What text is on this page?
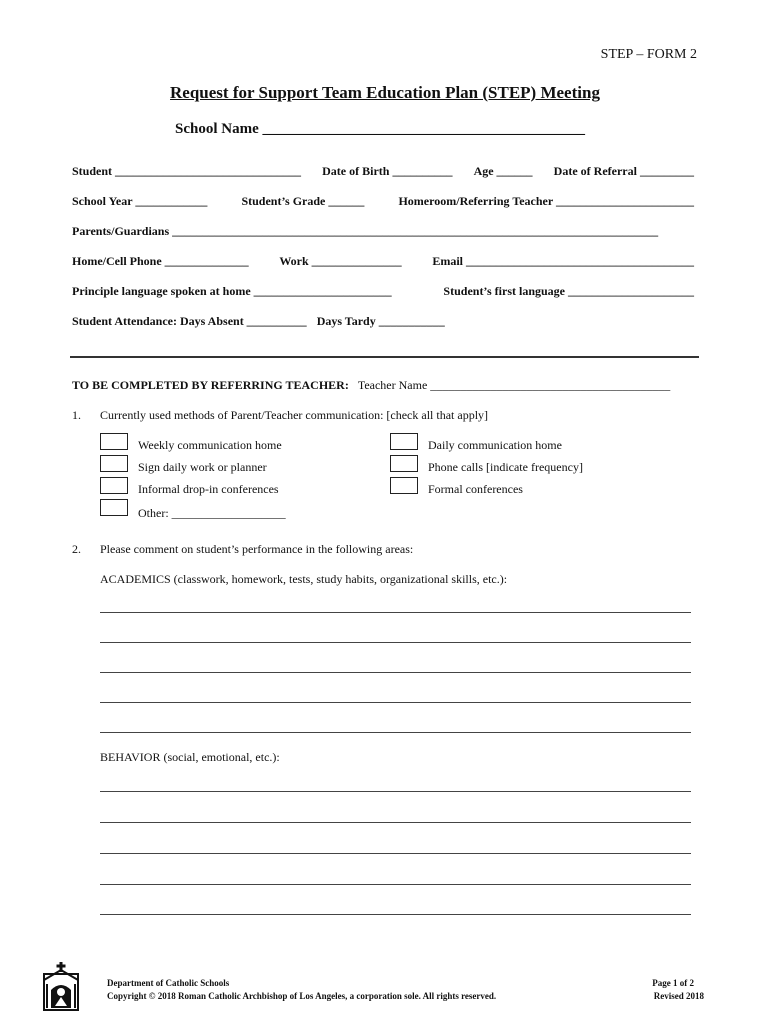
STEP – FORM 2
Request for Support Team Education Plan (STEP) Meeting
School Name ___________________________________________
Student _______________________________ Date of Birth __________ Age ______ Date of Referral _________
School Year ____________	Student’s Grade ______	Homeroom/Referring Teacher _______________________
Parents/Guardians _________________________________________________________________________________
Home/Cell Phone ______________	Work _______________	Email ______________________________________
Principle language spoken at home _______________________	Student’s first language _____________________
Student Attendance: Days Absent __________ Days Tardy ___________
TO BE COMPLETED BY REFERRING TEACHER: Teacher Name ________________________________________
1. Currently used methods of Parent/Teacher communication: [check all that apply]
Weekly communication home
Sign daily work or planner
Informal drop-in conferences
Other: ___________________
Daily communication home
Phone calls [indicate frequency]
Formal conferences
2. Please comment on student’s performance in the following areas:
ACADEMICS (classwork, homework, tests, study habits, organizational skills, etc.):
BEHAVIOR (social, emotional, etc.):
Department of Catholic Schools
Copyright © 2018 Roman Catholic Archbishop of Los Angeles, a corporation sole. All rights reserved.
Page 1 of 2
Revised 2018
